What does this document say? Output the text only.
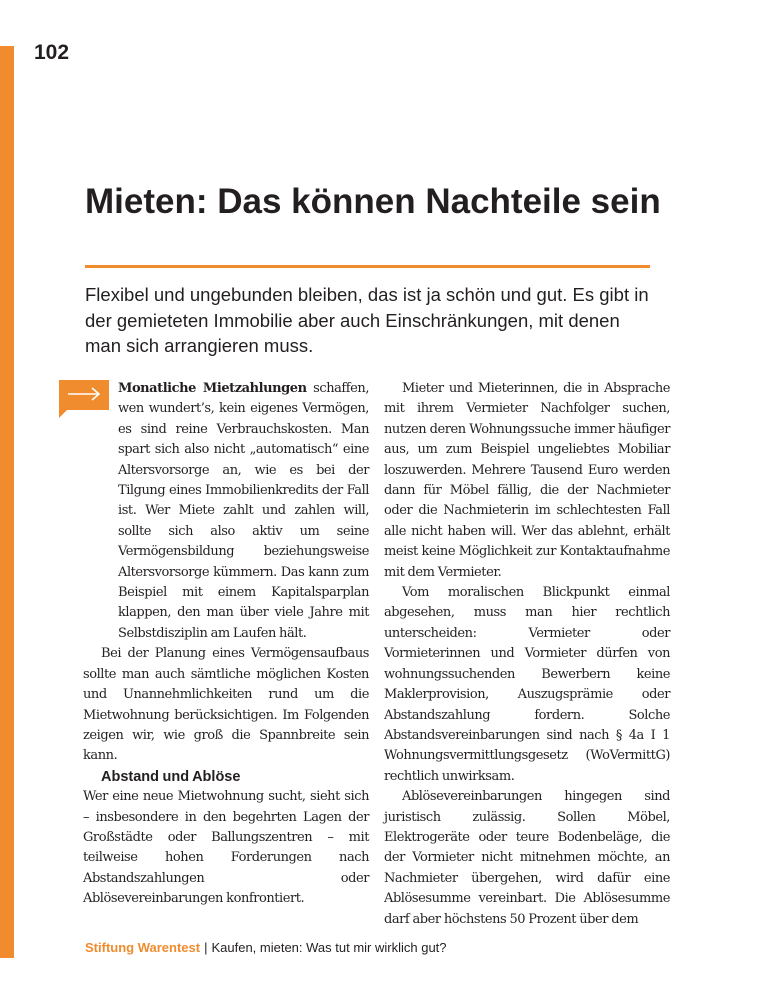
102
Mieten: Das können Nachteile sein

Flexibel und ungebunden bleiben, das ist ja schön und gut. Es gibt in der gemieteten Immobilie aber auch Einschränkungen, mit denen man sich arrangieren muss.

Monatliche Mietzahlungen schaffen, wen wundert’s, kein eigenes Vermögen, es sind reine Verbrauchskosten. Man spart sich also nicht „automatisch“ eine Altersvorsorge an, wie es bei der Tilgung eines Immobilienkredits der Fall ist. Wer Miete zahlt und zahlen will, sollte sich also aktiv um seine Vermögensbildung beziehungsweise Altersvorsorge kümmern. Das kann zum Beispiel mit einem Kapitalsparplan klappen, den man über viele Jahre mit Selbstdisziplin am Laufen hält.

Bei der Planung eines Vermögensaufbaus sollte man auch sämtliche möglichen Kosten und Unannehmlichkeiten rund um die Mietwohnung berücksichtigen. Im Folgenden zeigen wir, wie groß die Spannbreite sein kann.

Abstand und Ablöse

Wer eine neue Mietwohnung sucht, sieht sich – insbesondere in den begehrten Lagen der Großstädte oder Ballungszentren – mit teilweise hohen Forderungen nach Abstandszahlungen oder Ablösevereinbarungen konfrontiert.

Mieter und Mieterinnen, die in Absprache mit ihrem Vermieter Nachfolger suchen, nutzen deren Wohnungssuche immer häufiger aus, um zum Beispiel ungeliebtes Mobiliar loszuwerden. Mehrere Tausend Euro werden dann für Möbel fällig, die der Nachmieter oder die Nachmieterin im schlechtesten Fall alle nicht haben will. Wer das ablehnt, erhält meist keine Möglichkeit zur Kontaktaufnahme mit dem Vermieter.

Vom moralischen Blickpunkt einmal abgesehen, muss man hier rechtlich unterscheiden: Vermieter oder Vormieterinnen und Vormieter dürfen von wohnungssuchenden Bewerbern keine Maklerprovision, Auszugsprämie oder Abstandszahlung fordern. Solche Abstandsvereinbarungen sind nach § 4a I 1 Wohnungsvermittlungsgesetz (WoVermittG) rechtlich unwirksam.

Ablösevereinbarungen hingegen sind juristisch zulässig. Sollen Möbel, Elektrogeräte oder teure Bodenbeläge, die der Vormieter nicht mitnehmen möchte, an Nachmieter übergehen, wird dafür eine Ablösesumme vereinbart. Die Ablösesumme darf aber höchstens 50 Prozent über dem

Stiftung Warentest | Kaufen, mieten: Was tut mir wirklich gut?
